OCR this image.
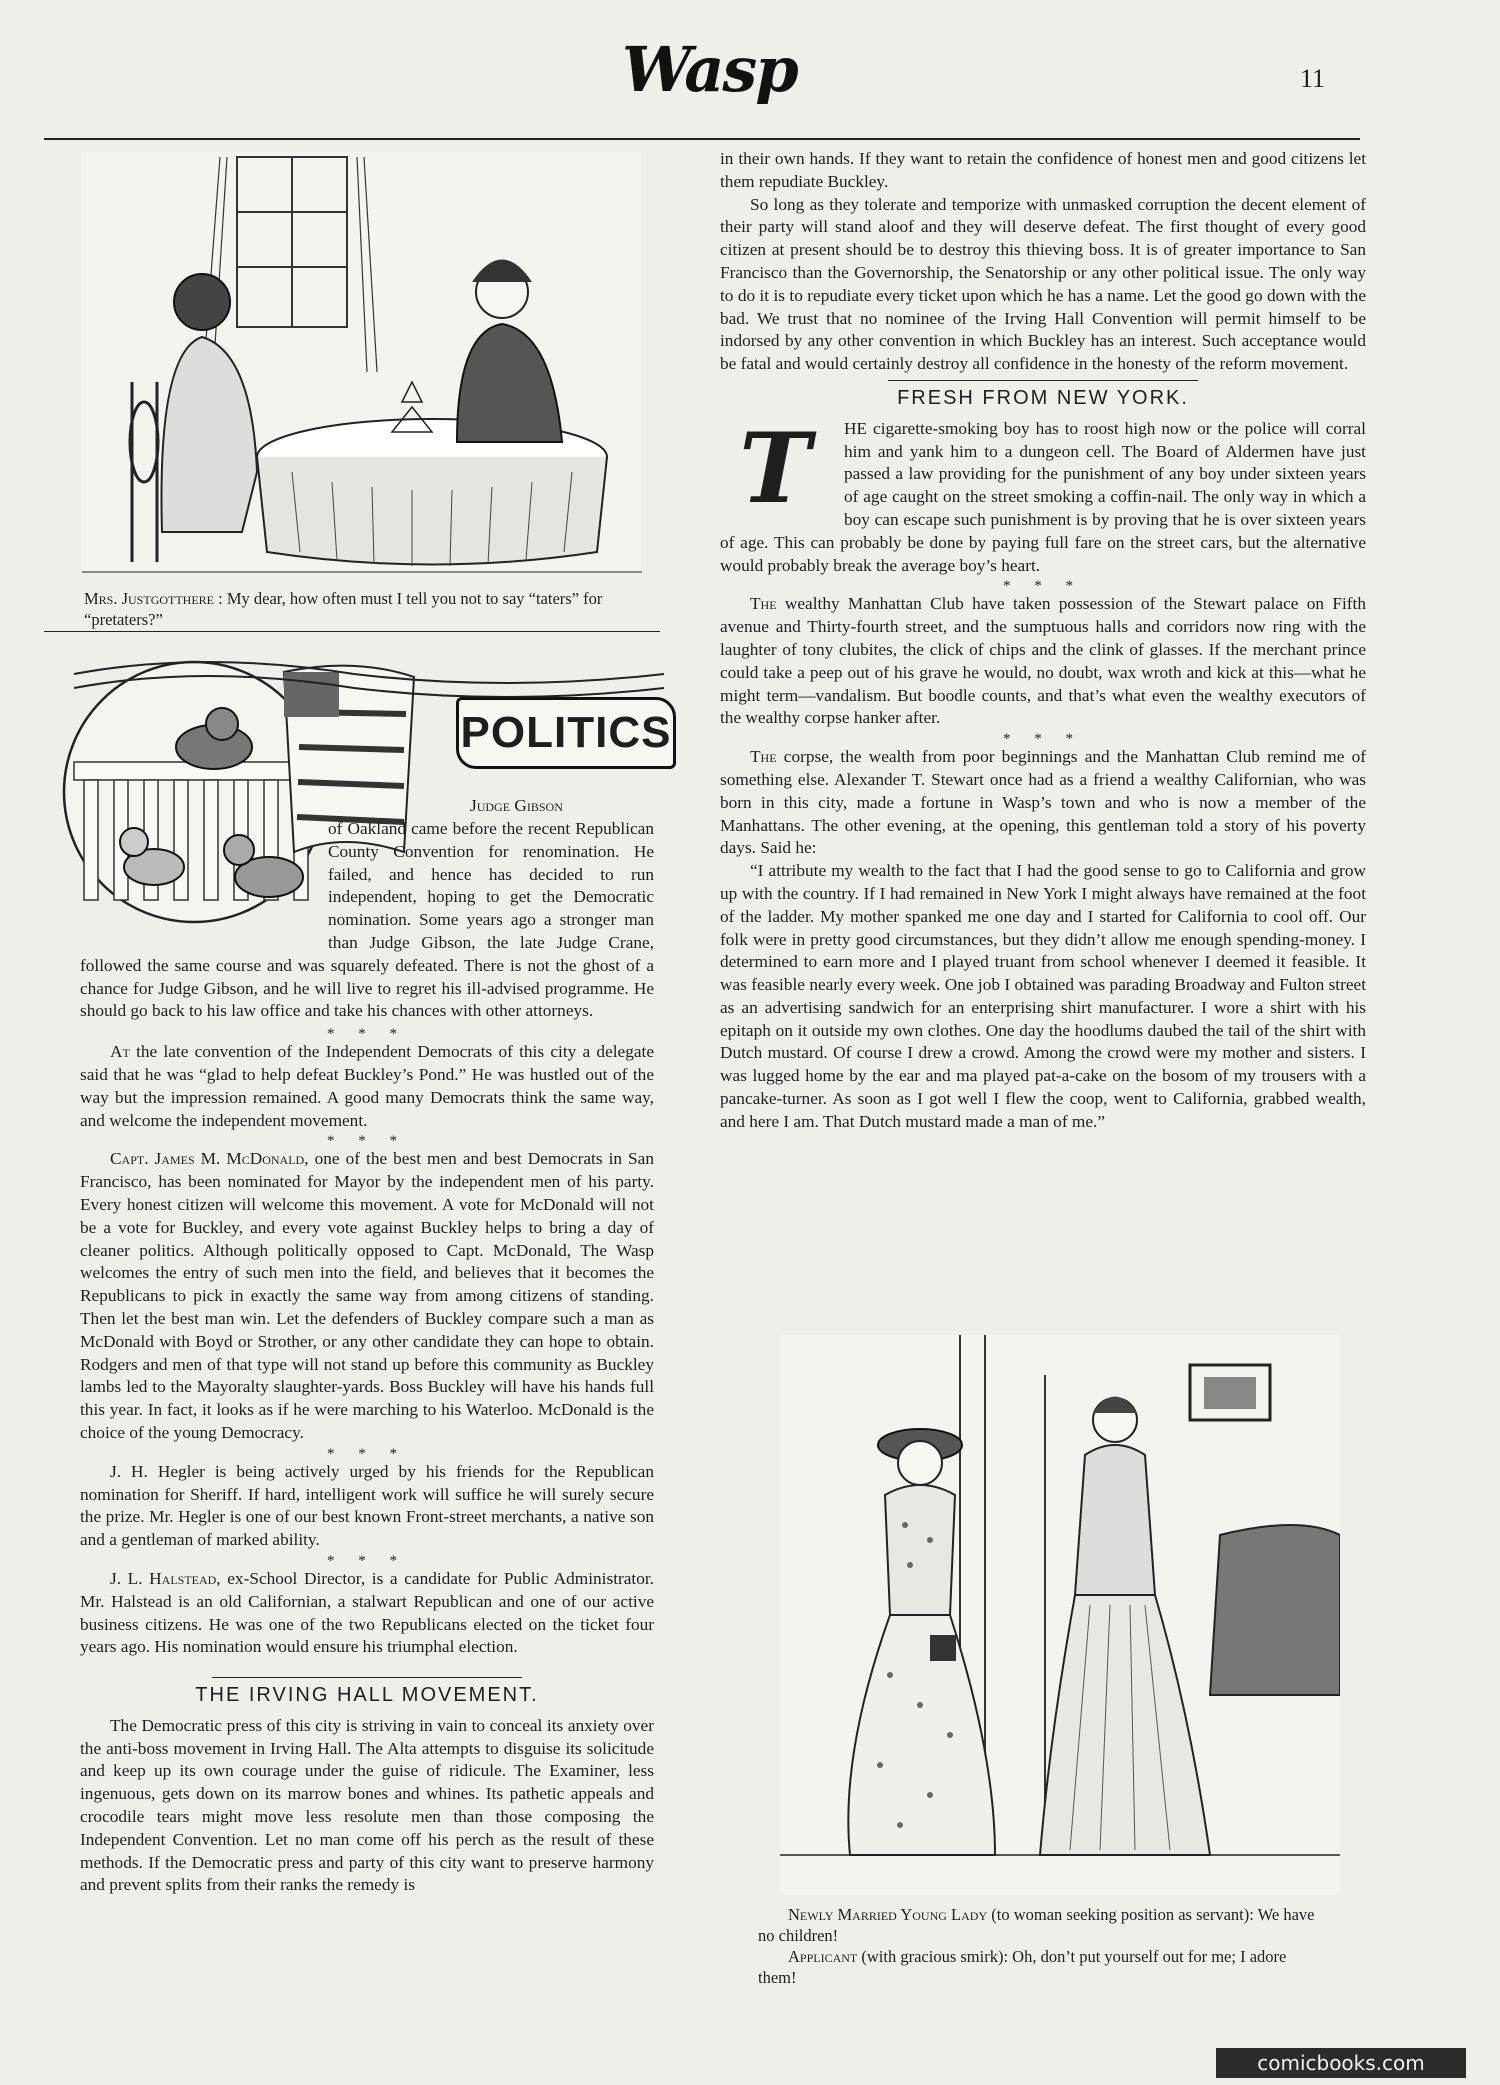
Wasp	11

Mrs. Justgotthere : My dear, how often must I tell you not to say “taters” for “pretaters?”

POLITICS

Judge Gibson

of Oakland came before the recent Republican County Convention for renomination. He failed, and hence has decided to run independent, hoping to get the Democratic nomination. Some years ago a stronger man than Judge Gibson, the late Judge Crane, followed the same course and was squarely defeated. There is not the ghost of a chance for Judge Gibson, and he will live to regret his ill-advised programme. He should go back to his law office and take his chances with other attorneys.

* * *

At the late convention of the Independent Democrats of this city a delegate said that he was “glad to help defeat Buckley’s Pond.” He was hustled out of the way but the impression remained. A good many Democrats think the same way, and welcome the independent movement.

* * *

Capt. James M. McDonald, one of the best men and best Democrats in San Francisco, has been nominated for Mayor by the independent men of his party. Every honest citizen will welcome this movement. A vote for McDonald will not be a vote for Buckley, and every vote against Buckley helps to bring a day of cleaner politics. Although politically opposed to Capt. McDonald, The Wasp welcomes the entry of such men into the field, and believes that it becomes the Republicans to pick in exactly the same way from among citizens of standing. Then let the best man win. Let the defenders of Buckley compare such a man as McDonald with Boyd or Strother, or any other candidate they can hope to obtain. Rodgers and men of that type will not stand up before this community as Buckley lambs led to the Mayoralty slaughter-yards. Boss Buckley will have his hands full this year. In fact, it looks as if he were marching to his Waterloo. McDonald is the choice of the young Democracy.

* * *

J. H. Hegler is being actively urged by his friends for the Republican nomination for Sheriff. If hard, intelligent work will suffice he will surely secure the prize. Mr. Hegler is one of our best known Front-street merchants, a native son and a gentleman of marked ability.

* * *

J. L. Halstead, ex-School Director, is a candidate for Public Administrator. Mr. Halstead is an old Californian, a stalwart Republican and one of our active business citizens. He was one of the two Republicans elected on the ticket four years ago. His nomination would ensure his triumphal election.

THE IRVING HALL MOVEMENT.

The Democratic press of this city is striving in vain to conceal its anxiety over the anti-boss movement in Irving Hall. The Alta attempts to disguise its solicitude and keep up its own courage under the guise of ridicule. The Examiner, less ingenuous, gets down on its marrow bones and whines. Its pathetic appeals and crocodile tears might move less resolute men than those composing the Independent Convention. Let no man come off his perch as the result of these methods. If the Democratic press and party of this city want to preserve harmony and prevent splits from their ranks the remedy is

in their own hands. If they want to retain the confidence of honest men and good citizens let them repudiate Buckley.

So long as they tolerate and temporize with unmasked corruption the decent element of their party will stand aloof and they will deserve defeat. The first thought of every good citizen at present should be to destroy this thieving boss. It is of greater importance to San Francisco than the Governorship, the Senatorship or any other political issue. The only way to do it is to repudiate every ticket upon which he has a name. Let the good go down with the bad. We trust that no nominee of the Irving Hall Convention will permit himself to be indorsed by any other convention in which Buckley has an interest. Such acceptance would be fatal and would certainly destroy all confidence in the honesty of the reform movement.

FRESH FROM NEW YORK.

T	HE cigarette-smoking boy has to roost high now or the police will corral him and yank him to a dungeon cell. The Board of Aldermen have just passed a law providing for the punishment of any boy under sixteen years of age caught on the street smoking a coffin-nail. The only way in which a boy can escape such punishment is by proving that he is over sixteen years of age. This can probably be done by paying full fare on the street cars, but the alternative would probably break the average boy’s heart.

* * *

The wealthy Manhattan Club have taken possession of the Stewart palace on Fifth avenue and Thirty-fourth street, and the sumptuous halls and corridors now ring with the laughter of tony clubites, the click of chips and the clink of glasses. If the merchant prince could take a peep out of his grave he would, no doubt, wax wroth and kick at this—what he might term—vandalism. But boodle counts, and that’s what even the wealthy executors of the wealthy corpse hanker after.

* * *

The corpse, the wealth from poor beginnings and the Manhattan Club remind me of something else. Alexander T. Stewart once had as a friend a wealthy Californian, who was born in this city, made a fortune in Wasp’s town and who is now a member of the Manhattans. The other evening, at the opening, this gentleman told a story of his poverty days. Said he:

“I attribute my wealth to the fact that I had the good sense to go to California and grow up with the country. If I had remained in New York I might always have remained at the foot of the ladder. My mother spanked me one day and I started for California to cool off. Our folk were in pretty good circumstances, but they didn’t allow me enough spending-money. I determined to earn more and I played truant from school whenever I deemed it feasible. It was feasible nearly every week. One job I obtained was parading Broadway and Fulton street as an advertising sandwich for an enterprising shirt manufacturer. I wore a shirt with his epitaph on it outside my own clothes. One day the hoodlums daubed the tail of the shirt with Dutch mustard. Of course I drew a crowd. Among the crowd were my mother and sisters. I was lugged home by the ear and ma played pat-a-cake on the bosom of my trousers with a pancake-turner. As soon as I got well I flew the coop, went to California, grabbed wealth, and here I am. That Dutch mustard made a man of me.”

Newly Married Young Lady (to woman seeking position as servant): We have no children!

Applicant (with gracious smirk): Oh, don’t put yourself out for me; I adore them!

comicbooks.com
